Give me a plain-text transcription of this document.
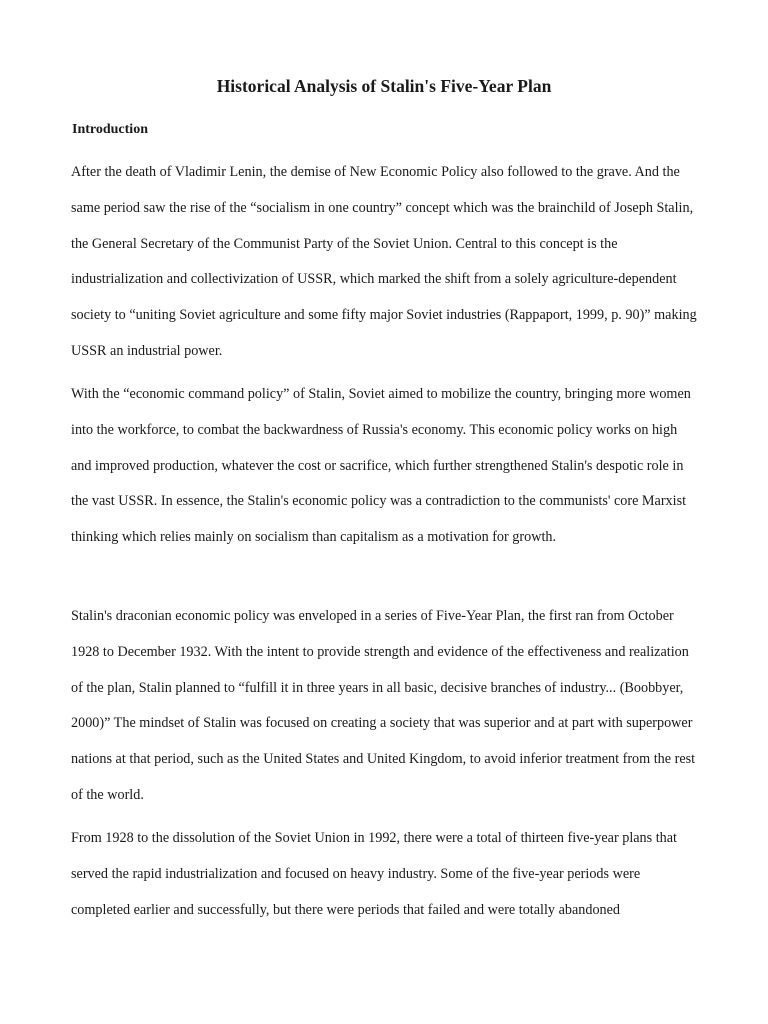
Historical Analysis of Stalin's Five-Year Plan
Introduction

After the death of Vladimir Lenin, the demise of New Economic Policy also followed to the grave. And the same period saw the rise of the “socialism in one country” concept which was the brainchild of Joseph Stalin, the General Secretary of the Communist Party of the Soviet Union. Central to this concept is the industrialization and collectivization of USSR, which marked the shift from a solely agriculture-dependent society to “uniting Soviet agriculture and some fifty major Soviet industries (Rappaport, 1999, p. 90)” making USSR an industrial power.

With the “economic command policy” of Stalin, Soviet aimed to mobilize the country, bringing more women into the workforce, to combat the backwardness of Russia's economy. This economic policy works on high and improved production, whatever the cost or sacrifice, which further strengthened Stalin's despotic role in the vast USSR. In essence, the Stalin's economic policy was a contradiction to the communists' core Marxist thinking which relies mainly on socialism than capitalism as a motivation for growth.

Stalin's draconian economic policy was enveloped in a series of Five-Year Plan, the first ran from October 1928 to December 1932. With the intent to provide strength and evidence of the effectiveness and realization of the plan, Stalin planned to “fulfill it in three years in all basic, decisive branches of industry... (Boobbyer, 2000)” The mindset of Stalin was focused on creating a society that was superior and at part with superpower nations at that period, such as the United States and United Kingdom, to avoid inferior treatment from the rest of the world.

From 1928 to the dissolution of the Soviet Union in 1992, there were a total of thirteen five-year plans that served the rapid industrialization and focused on heavy industry. Some of the five-year periods were completed earlier and successfully, but there were periods that failed and were totally abandoned
